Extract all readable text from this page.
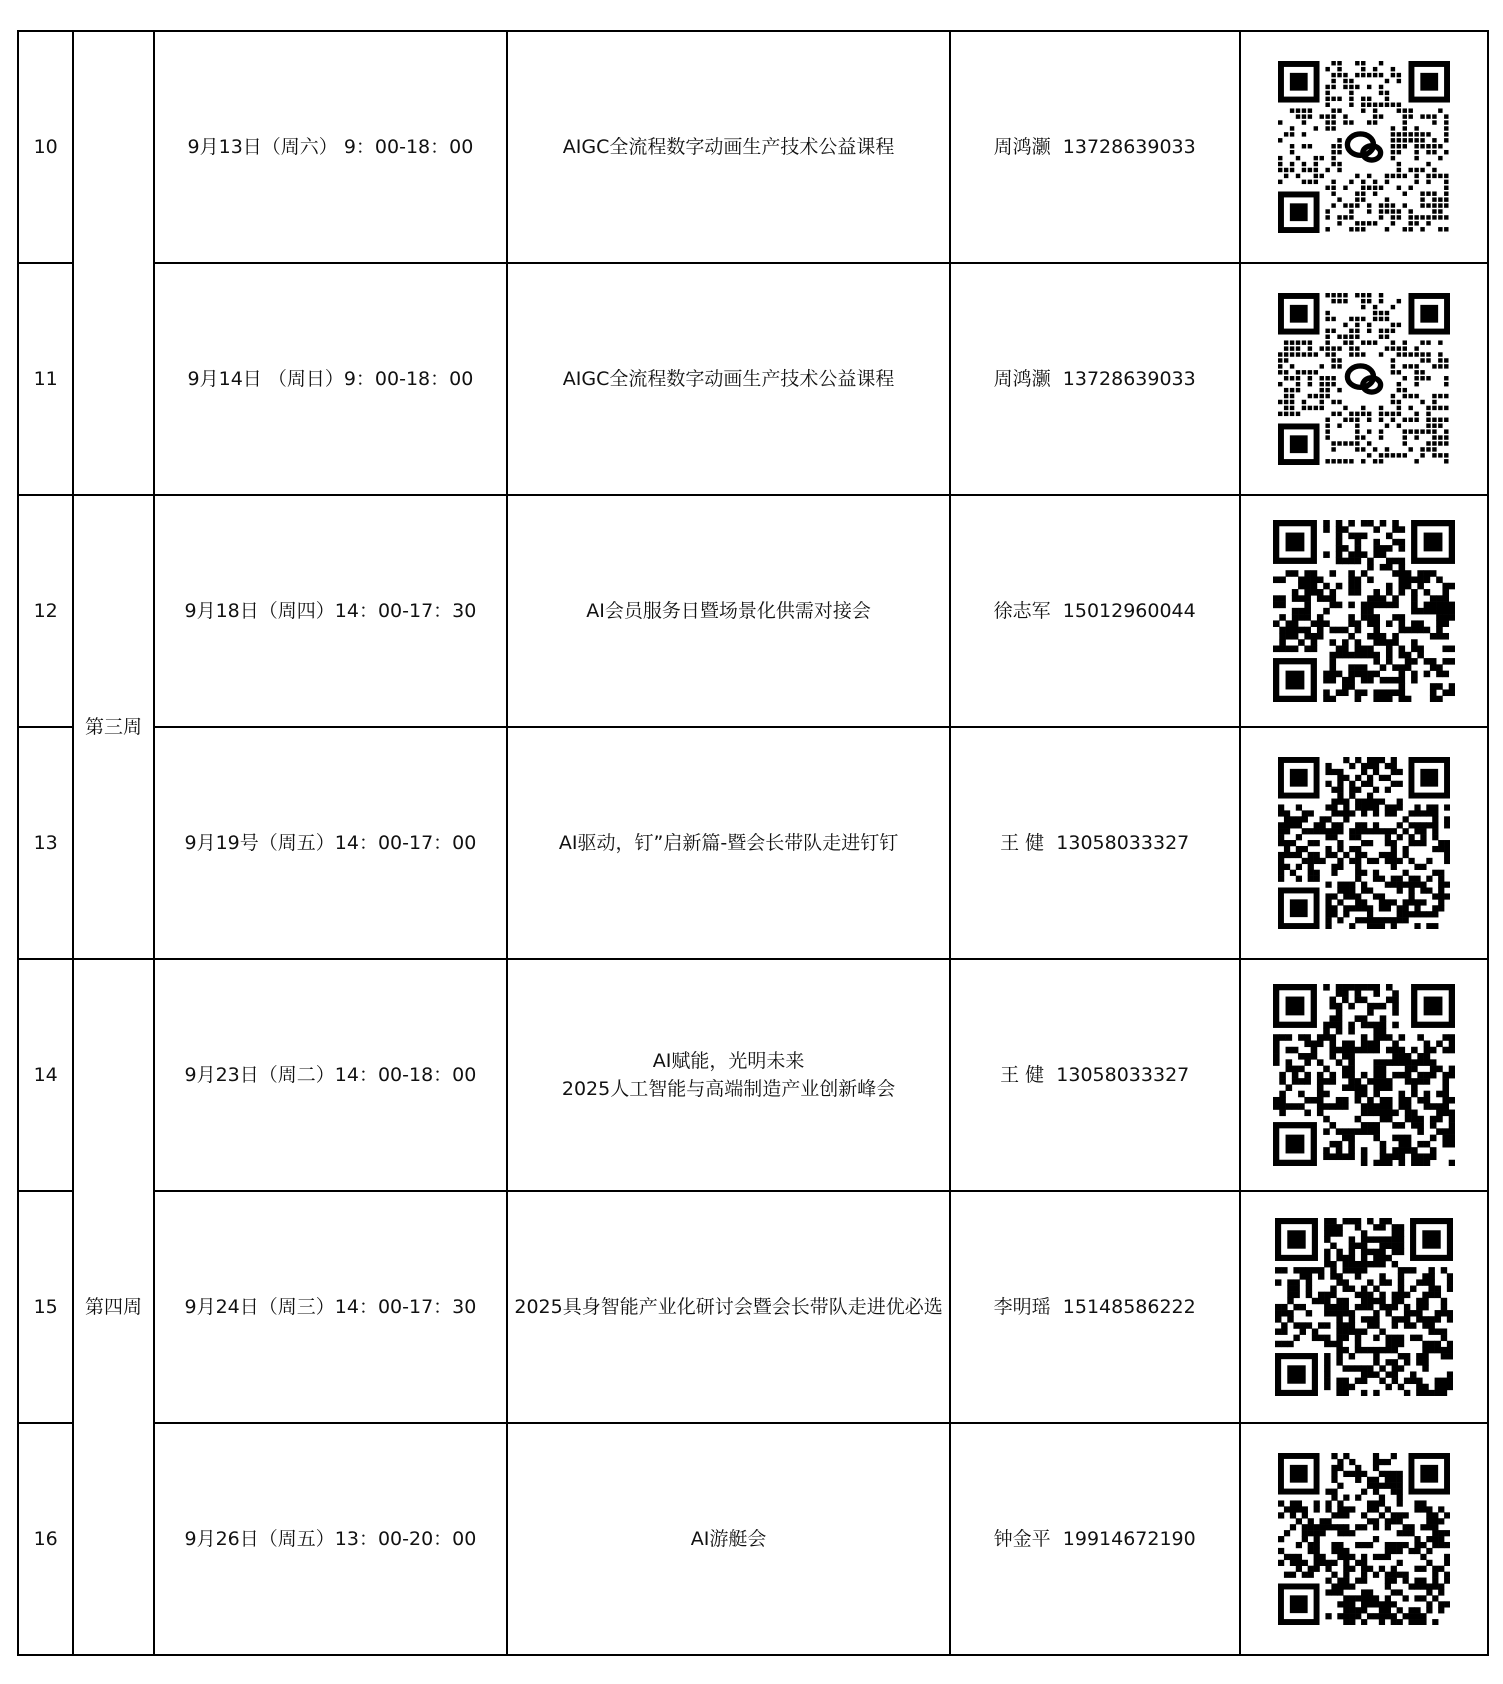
10		9月13日（周六） 9：00-18：00	AIGC全流程数字动画生产技术公益课程	周鸿灏 13728639033	

11		9月14日 （周日）9：00-18：00	AIGC全流程数字动画生产技术公益课程	周鸿灏 13728639033	

12	第三周	9月18日（周四）14：00-17：30	AI会员服务日暨场景化供需对接会	徐志军 15012960044	

13		9月19号（周五）14：00-17：00	AI驱动，钉”启新篇-暨会长带队走进钉钉	王 健 13058033327	

14	第四周	9月23日（周二）14：00-18：00	AI赋能，光明未来
2025人工智能与高端制造产业创新峰会	王 健 13058033327	

15		9月24日（周三）14：00-17：30	2025具身智能产业化研讨会暨会长带队走进优必选	李明瑶 15148586222	

16		9月26日（周五）13：00-20：00	AI游艇会	钟金平 19914672190	
